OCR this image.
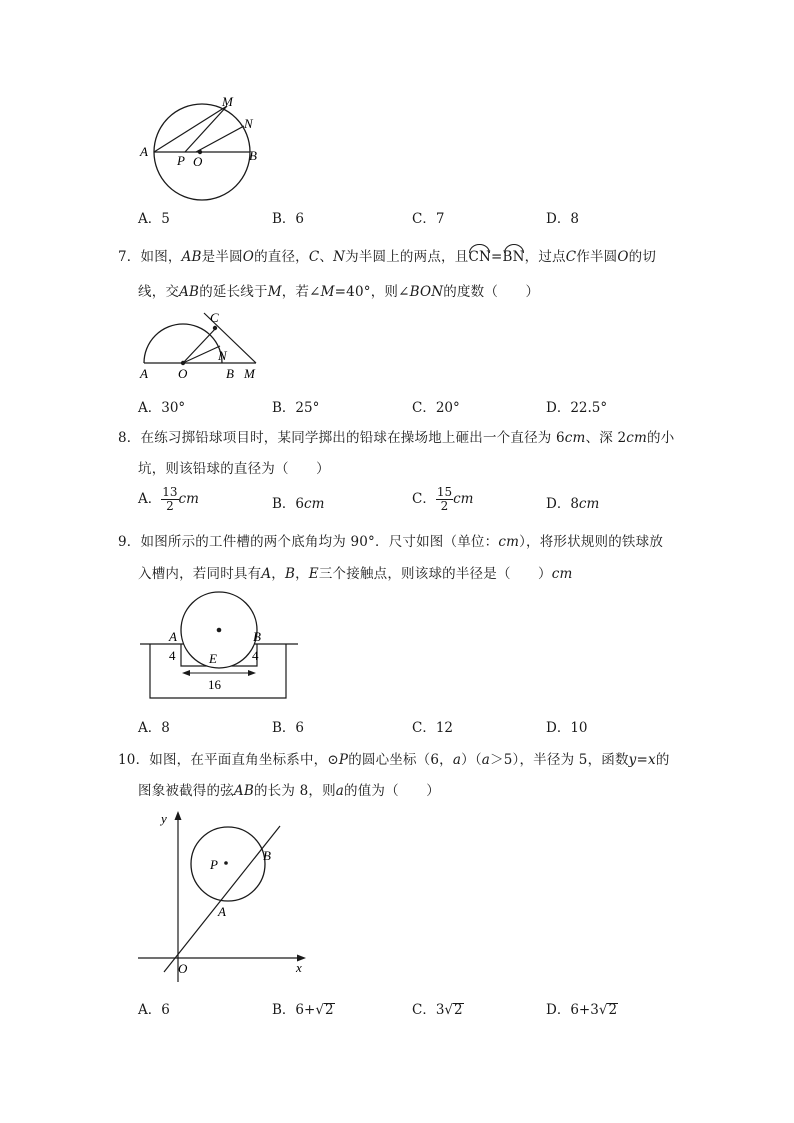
A
M
N
P O	B
A．5	B．6	C．7	D．8
7．如图，AB是半圆O的直径，C、N为半圆上的两点，且CN=BN，过点C作半圆O的切
线，交AB的延长线于M，若∠M=40°，则∠BON的度数（　　）
C
N
A O	B M
A．30°	B．25°	C．20°	D．22.5°
8．在练习掷铅球项目时，某同学掷出的铅球在操场地上砸出一个直径为 6cm、深 2cm的小
坑，则该铅球的直径为（　　）
A． $\frac{13}{2}$ cm	B．6cm	C． $\frac{15}{2}$ cm	D．8cm
9．如图所示的工件槽的两个底角均为 90°．尺寸如图（单位：cm），将形状规则的铁球放
入槽内，若同时具有A，B，E三个接触点，则该球的半径是（　　）cm
A	B
E
4	4
16
A．8	B．6	C．12	D．10
10．如图，在平面直角坐标系中，⊙P的圆心坐标（6，a）（a＞5），半径为 5，函数y=x的
图象被截得的弦AB的长为 8，则a的值为（　　）
y
x
O
P
A
B
A．6	B．6+√2	C．3√2	D．6+3√2
